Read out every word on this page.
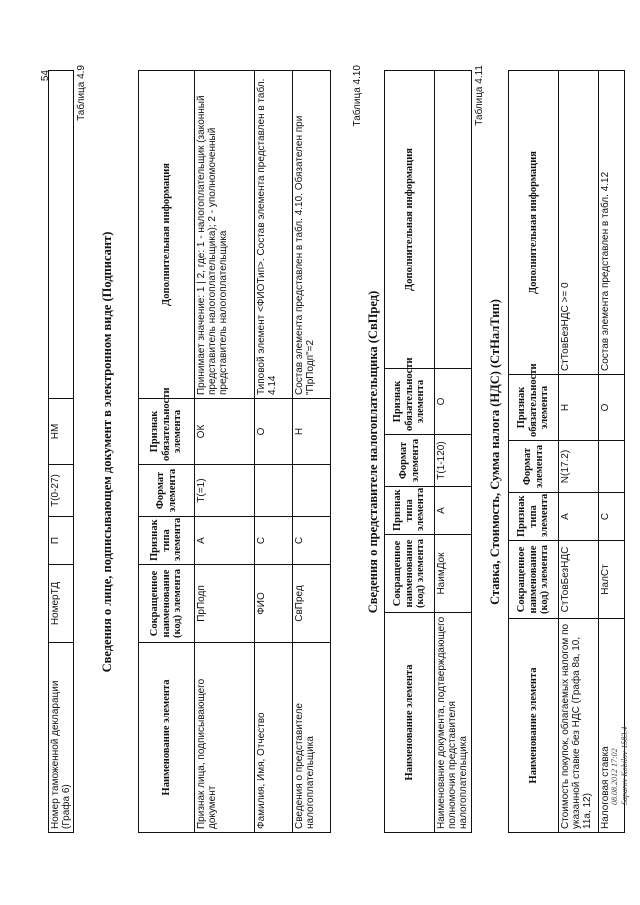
54
Номер таможенной декларации (Графа 6)	НомерТД	П	T(0-27)	НМ	
Таблица 4.9
Сведения о лице, подписывающем документ в электронном виде (Подписант)
Наименование элемента	Сокращенное наименование (код) элемента	Признак типа элемента	Формат элемента	Признак обязательности элемента	Дополнительная информация
Признак лица, подписывающего документ	ПрПодп	А	T(=1)	ОК	Принимает значение: 1 | 2, где: 1 - налогоплательщик (законный представитель налогоплательщика); 2 - уполномоченный представитель налогоплательщика
Фамилия, Имя, Отчество	ФИО	С		О	Типовой элемент <ФИОТип>. Состав элемента представлен в табл. 4.14
Сведения о представителе налогоплательщика	СвПред	С		Н	Состав элемента представлен в табл. 4.10. Обязателен при "ПрПодп"=2
Таблица 4.10
Сведения о представителе налогоплательщика (СвПред)
Наименование элемента	Сокращенное наименование (код) элемента	Признак типа элемента	Формат элемента	Признак обязательности элемента	Дополнительная информация
Наименование документа, подтверждающего полномочия представителя налогоплательщика	НаимДок	А	T(1-120)	О	
Таблица 4.11
Ставка, Стоимость, Сумма налога (НДС) (СтНалТип)
Наименование элемента	Сокращенное наименование (код) элемента	Признак типа элемента	Формат элемента	Признак обязательности элемента	Дополнительная информация
Стоимость покупок, облагаемых налогом по указанной ставке без НДС (Графа 8а, 10, 11а, 12)	СтТовБезНДС	А	N(17.2)	Н	СтТовБезНДС >= 0
Налоговая ставка	НалСт	С		О	Состав элемента представлен в табл. 4.12
08.08.2012 17:02 Saparov Kobilov-1583.4
